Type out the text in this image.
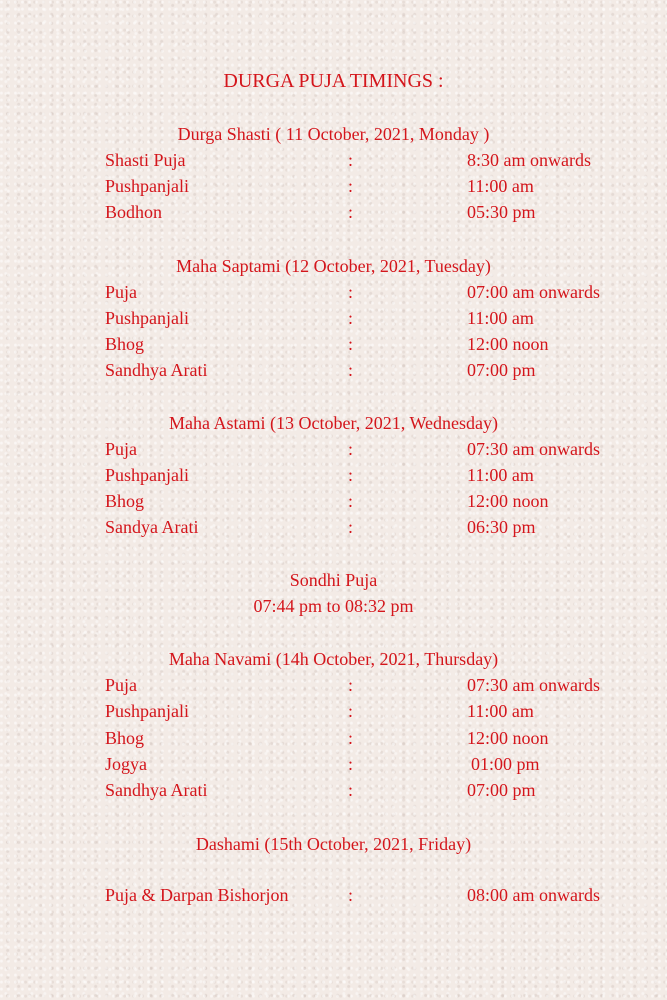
DURGA PUJA TIMINGS :
Durga Shasti ( 11 October, 2021, Monday )
Shasti Puja	:	8:30 am onwards
Pushpanjali	:	11:00 am
Bodhon	:	05:30 pm
Maha Saptami (12 October, 2021, Tuesday)
Puja	:	07:00 am onwards
Pushpanjali	:	11:00 am
Bhog	:	12:00 noon
Sandhya Arati	:	07:00 pm
Maha Astami (13 October, 2021, Wednesday)
Puja	:	07:30 am onwards
Pushpanjali	:	11:00 am
Bhog	:	12:00 noon
Sandya Arati	:	06:30 pm
Sondhi Puja
07:44 pm to 08:32 pm
Maha Navami (14h October, 2021, Thursday)
Puja	:	07:30 am onwards
Pushpanjali	:	11:00 am
Bhog	:	12:00 noon
Jogya	:	01:00 pm
Sandhya Arati	:	07:00 pm
Dashami (15th October, 2021, Friday)
Puja & Darpan Bishorjon	:	08:00 am onwards
